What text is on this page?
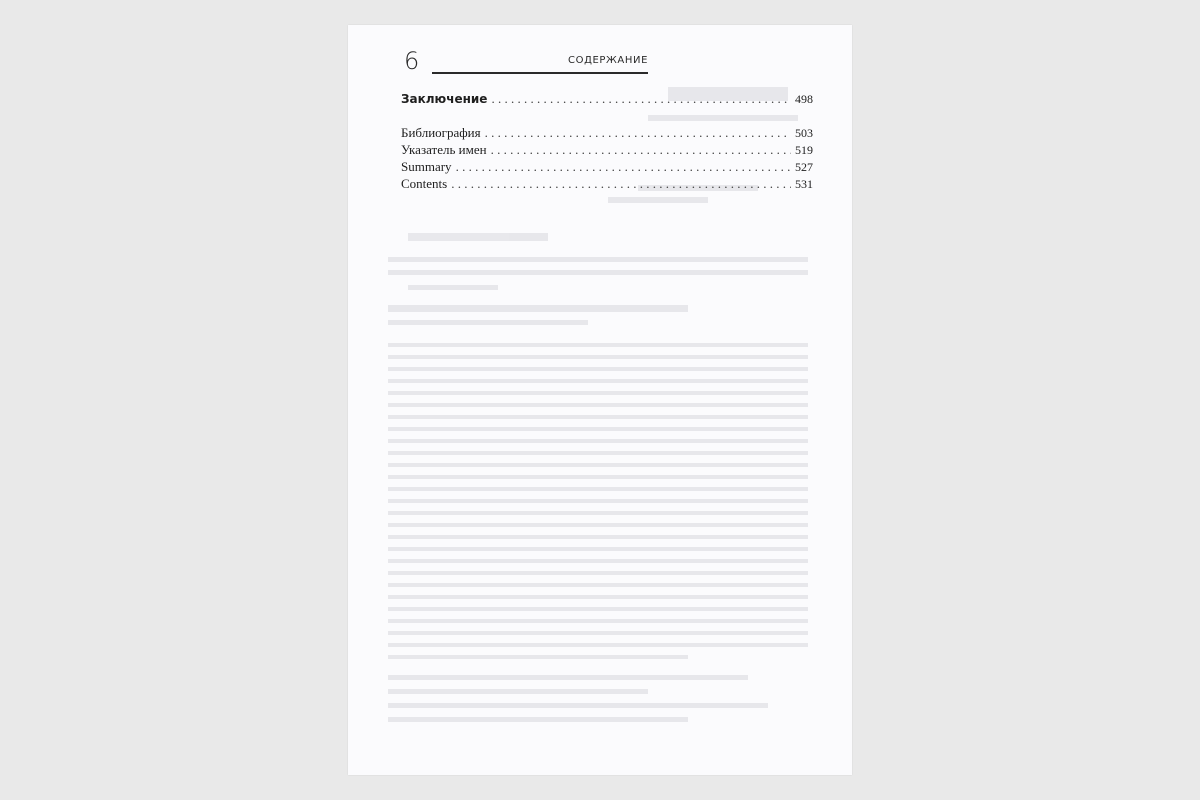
6	СОДЕРЖАНИЕ
Заключение . . .	498
Библиография . . .	503
Указатель имен . . .	519
Summary . . .	527
Contents . . .	531
